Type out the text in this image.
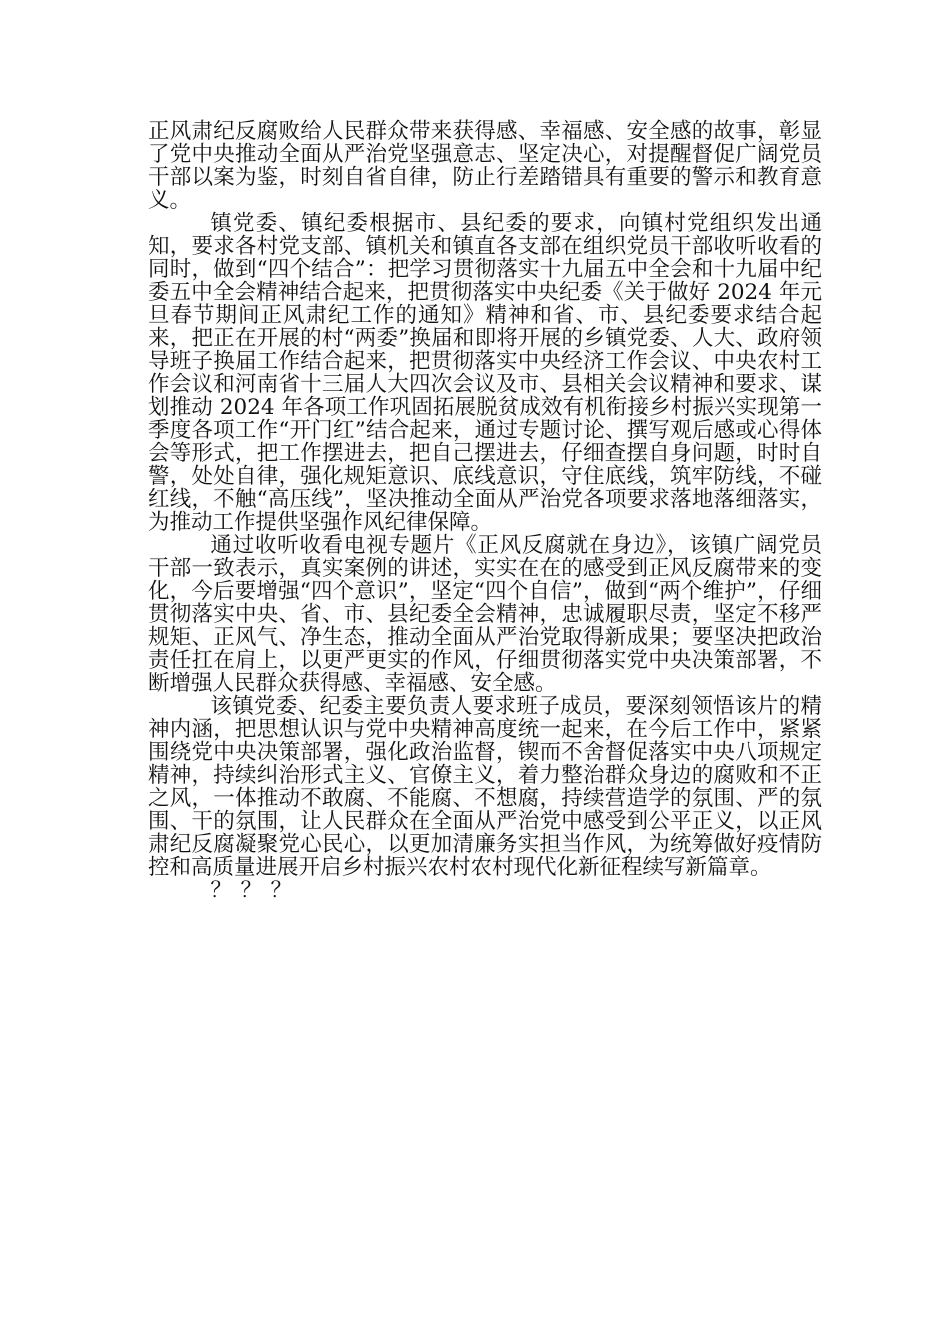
正风肃纪反腐败给人民群众带来获得感、幸福感、安全感的故事，彰显了党中央推动全面从严治党坚强意志、坚定决心，对提醒督促广阔党员干部以案为鉴，时刻自省自律，防止行差踏错具有重要的警示和教育意义。

镇党委、镇纪委根据市、县纪委的要求，向镇村党组织发出通知，要求各村党支部、镇机关和镇直各支部在组织党员干部收听收看的同时，做到“四个结合”：把学习贯彻落实十九届五中全会和十九届中纪委五中全会精神结合起来，把贯彻落实中央纪委《关于做好 2024 年元旦春节期间正风肃纪工作的通知》精神和省、市、县纪委要求结合起来，把正在开展的村“两委”换届和即将开展的乡镇党委、人大、政府领导班子换届工作结合起来，把贯彻落实中央经济工作会议、中央农村工作会议和河南省十三届人大四次会议及市、县相关会议精神和要求、谋划推动 2024 年各项工作巩固拓展脱贫成效有机衔接乡村振兴实现第一季度各项工作“开门红”结合起来，通过专题讨论、撰写观后感或心得体会等形式，把工作摆进去，把自己摆进去，仔细查摆自身问题，时时自警，处处自律，强化规矩意识、底线意识，守住底线，筑牢防线，不碰红线，不触“高压线”，坚决推动全面从严治党各项要求落地落细落实，为推动工作提供坚强作风纪律保障。

通过收听收看电视专题片《正风反腐就在身边》，该镇广阔党员干部一致表示，真实案例的讲述，实实在在的感受到正风反腐带来的变化，今后要增强“四个意识”，坚定“四个自信”，做到“两个维护”，仔细贯彻落实中央、省、市、县纪委全会精神，忠诚履职尽责，坚定不移严规矩、正风气、净生态，推动全面从严治党取得新成果；要坚决把政治责任扛在肩上，以更严更实的作风，仔细贯彻落实党中央决策部署，不断增强人民群众获得感、幸福感、安全感。

该镇党委、纪委主要负责人要求班子成员，要深刻领悟该片的精神内涵，把思想认识与党中央精神高度统一起来，在今后工作中，紧紧围绕党中央决策部署，强化政治监督，锲而不舍督促落实中央八项规定精神，持续纠治形式主义、官僚主义，着力整治群众身边的腐败和不正之风，一体推动不敢腐、不能腐、不想腐，持续营造学的氛围、严的氛围、干的氛围，让人民群众在全面从严治党中感受到公平正义，以正风肃纪反腐凝聚党心民心，以更加清廉务实担当作风，为统筹做好疫情防控和高质量进展开启乡村振兴农村农村现代化新征程续写新篇章。

？？？
